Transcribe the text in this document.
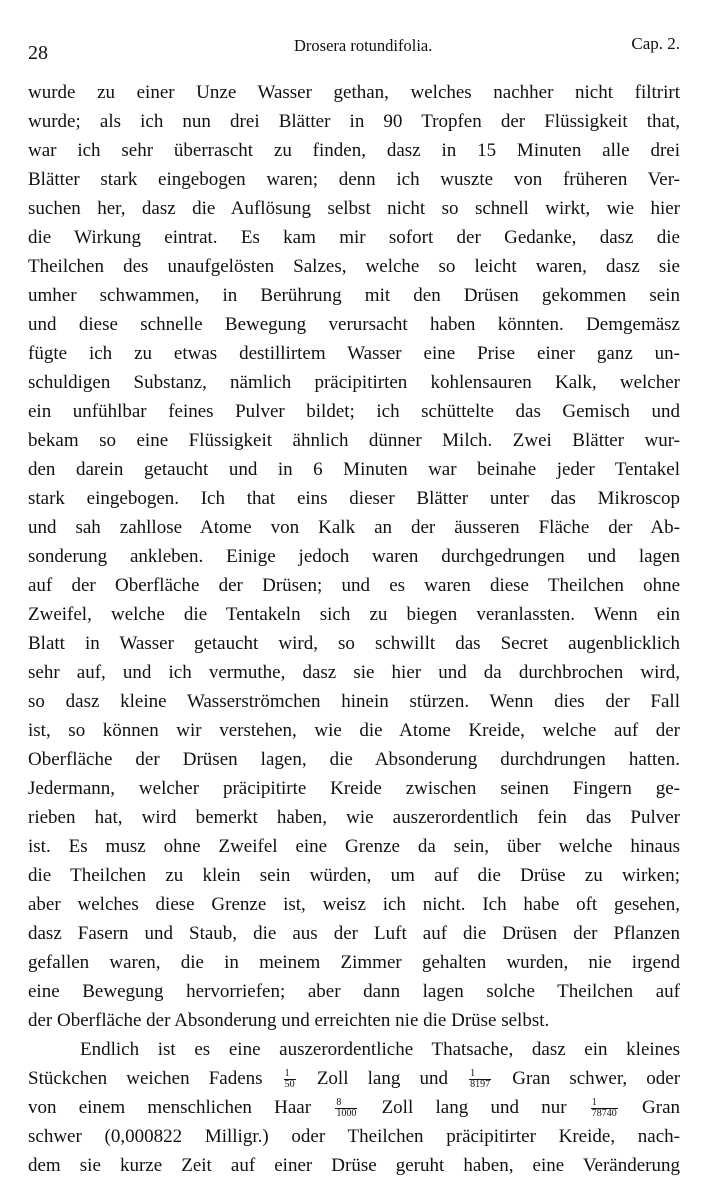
28	Drosera rotundifolia.	Cap. 2.
wurde zu einer Unze Wasser gethan, welches nachher nicht filtrirt
wurde; als ich nun drei Blätter in 90 Tropfen der Flüssigkeit that,
war ich sehr überrascht zu finden, dasz in 15 Minuten alle drei
Blätter stark eingebogen waren; denn ich wuszte von früheren Ver-
suchen her, dasz die Auflösung selbst nicht so schnell wirkt, wie hier
die Wirkung eintrat. Es kam mir sofort der Gedanke, dasz die
Theilchen des unaufgelösten Salzes, welche so leicht waren, dasz sie
umher schwammen, in Berührung mit den Drüsen gekommen sein
und diese schnelle Bewegung verursacht haben könnten. Demgemäsz
fügte ich zu etwas destillirtem Wasser eine Prise einer ganz un-
schuldigen Substanz, nämlich präcipitirten kohlensauren Kalk, welcher
ein unfühlbar feines Pulver bildet; ich schüttelte das Gemisch und
bekam so eine Flüssigkeit ähnlich dünner Milch. Zwei Blätter wur-
den darein getaucht und in 6 Minuten war beinahe jeder Tentakel
stark eingebogen. Ich that eins dieser Blätter unter das Mikroscop
und sah zahllose Atome von Kalk an der äusseren Fläche der Ab-
sonderung ankleben. Einige jedoch waren durchgedrungen und lagen
auf der Oberfläche der Drüsen; und es waren diese Theilchen ohne
Zweifel, welche die Tentakeln sich zu biegen veranlassten. Wenn ein
Blatt in Wasser getaucht wird, so schwillt das Secret augenblicklich
sehr auf, und ich vermuthe, dasz sie hier und da durchbrochen wird,
so dasz kleine Wasserströmchen hinein stürzen. Wenn dies der Fall
ist, so können wir verstehen, wie die Atome Kreide, welche auf der
Oberfläche der Drüsen lagen, die Absonderung durchdrungen hatten.
Jedermann, welcher präcipitirte Kreide zwischen seinen Fingern ge-
rieben hat, wird bemerkt haben, wie auszerordentlich fein das Pulver
ist. Es musz ohne Zweifel eine Grenze da sein, über welche hinaus
die Theilchen zu klein sein würden, um auf die Drüse zu wirken;
aber welches diese Grenze ist, weisz ich nicht. Ich habe oft gesehen,
dasz Fasern und Staub, die aus der Luft auf die Drüsen der Pflanzen
gefallen waren, die in meinem Zimmer gehalten wurden, nie irgend
eine Bewegung hervorriefen; aber dann lagen solche Theilchen auf
der Oberfläche der Absonderung und erreichten nie die Drüse selbst.
Endlich ist es eine auszerordentliche Thatsache, dasz ein kleines
Stückchen weichen Fadens $\frac{1}{50}$ Zoll lang und $\frac{1}{8197}$ Gran schwer, oder
von einem menschlichen Haar $\frac{8}{1000}$ Zoll lang und nur $\frac{1}{78740}$ Gran
schwer (0,000822 Milligr.) oder Theilchen präcipitirter Kreide, nach-
dem sie kurze Zeit auf einer Drüse geruht haben, eine Veränderung
